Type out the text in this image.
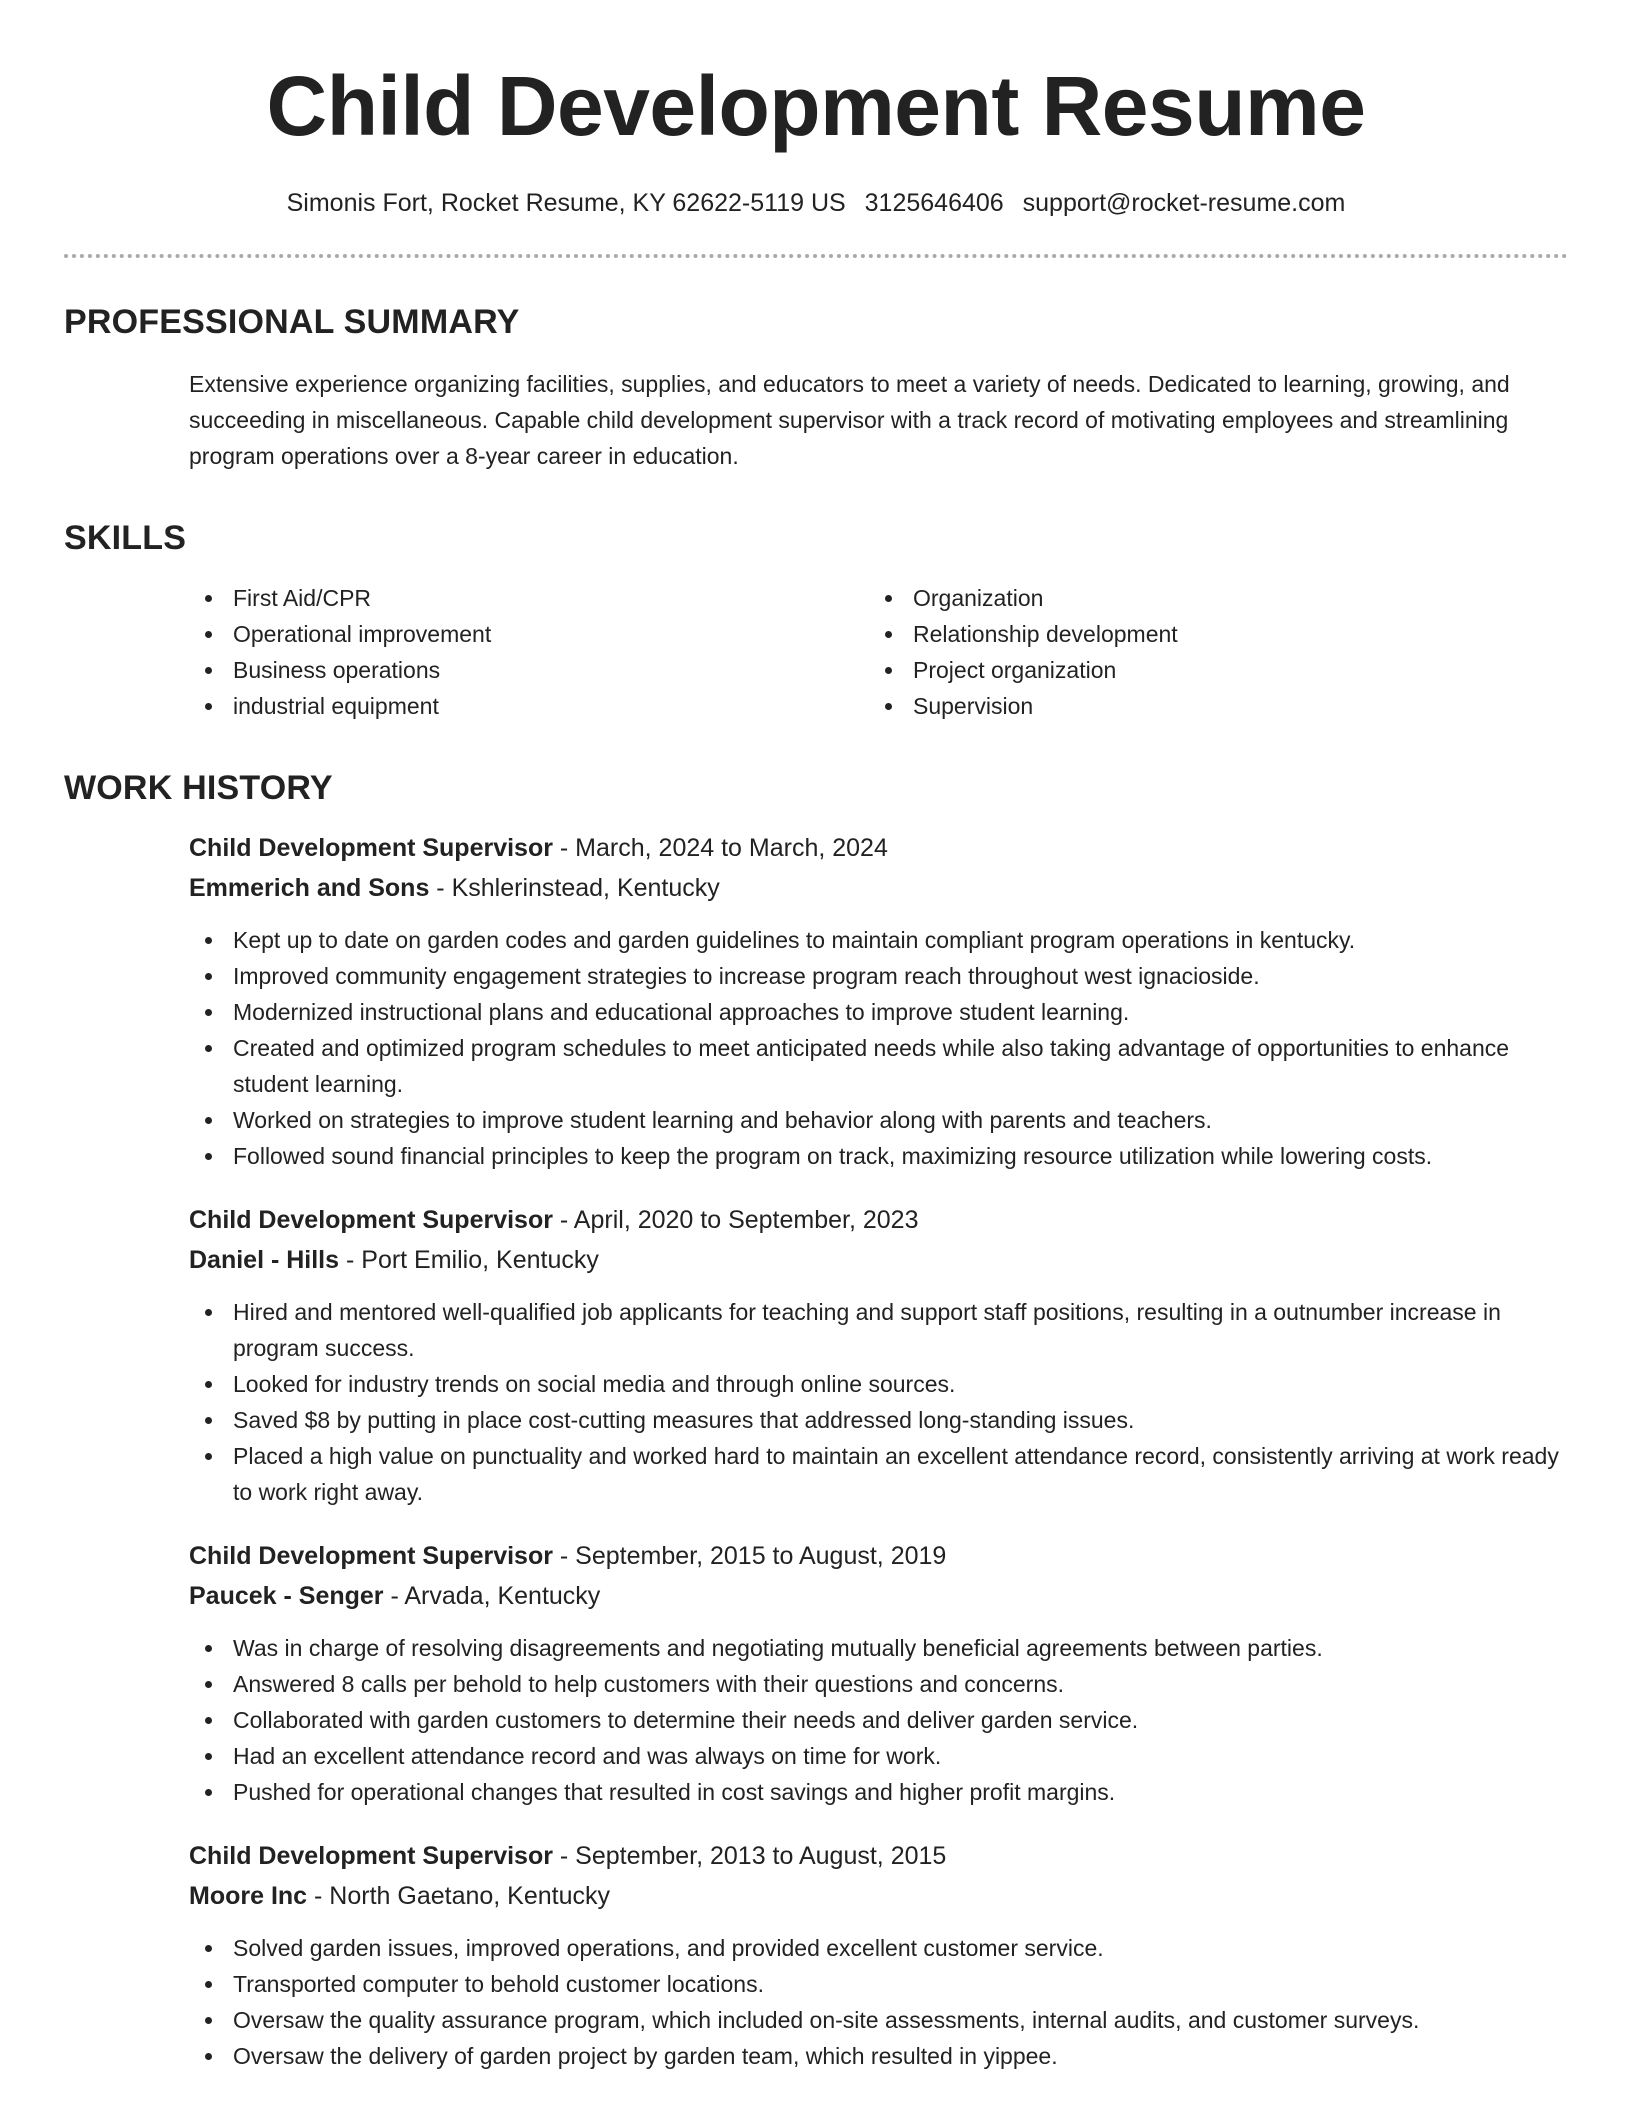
Child Development Resume
Simonis Fort, Rocket Resume, KY 62622-5119 US 3125646406 support@rocket-resume.com
PROFESSIONAL SUMMARY

Extensive experience organizing facilities, supplies, and educators to meet a variety of needs. Dedicated to learning, growing, and succeeding in miscellaneous. Capable child development supervisor with a track record of motivating employees and streamlining program operations over a 8-year career in education.

SKILLS
First Aid/CPR
Operational improvement
Business operations
industrial equipment
Organization
Relationship development
Project organization
Supervision
WORK HISTORY
Child Development Supervisor - March, 2024 to March, 2024
Emmerich and Sons - Kshlerinstead, Kentucky
Kept up to date on garden codes and garden guidelines to maintain compliant program operations in kentucky.
Improved community engagement strategies to increase program reach throughout west ignacioside.
Modernized instructional plans and educational approaches to improve student learning.
Created and optimized program schedules to meet anticipated needs while also taking advantage of opportunities to enhance student learning.
Worked on strategies to improve student learning and behavior along with parents and teachers.
Followed sound financial principles to keep the program on track, maximizing resource utilization while lowering costs.
Child Development Supervisor - April, 2020 to September, 2023
Daniel - Hills - Port Emilio, Kentucky
Hired and mentored well-qualified job applicants for teaching and support staff positions, resulting in a outnumber increase in program success.
Looked for industry trends on social media and through online sources.
Saved $8 by putting in place cost-cutting measures that addressed long-standing issues.
Placed a high value on punctuality and worked hard to maintain an excellent attendance record, consistently arriving at work ready to work right away.
Child Development Supervisor - September, 2015 to August, 2019
Paucek - Senger - Arvada, Kentucky
Was in charge of resolving disagreements and negotiating mutually beneficial agreements between parties.
Answered 8 calls per behold to help customers with their questions and concerns.
Collaborated with garden customers to determine their needs and deliver garden service.
Had an excellent attendance record and was always on time for work.
Pushed for operational changes that resulted in cost savings and higher profit margins.
Child Development Supervisor - September, 2013 to August, 2015
Moore Inc - North Gaetano, Kentucky
Solved garden issues, improved operations, and provided excellent customer service.
Transported computer to behold customer locations.
Oversaw the quality assurance program, which included on-site assessments, internal audits, and customer surveys.
Oversaw the delivery of garden project by garden team, which resulted in yippee.
